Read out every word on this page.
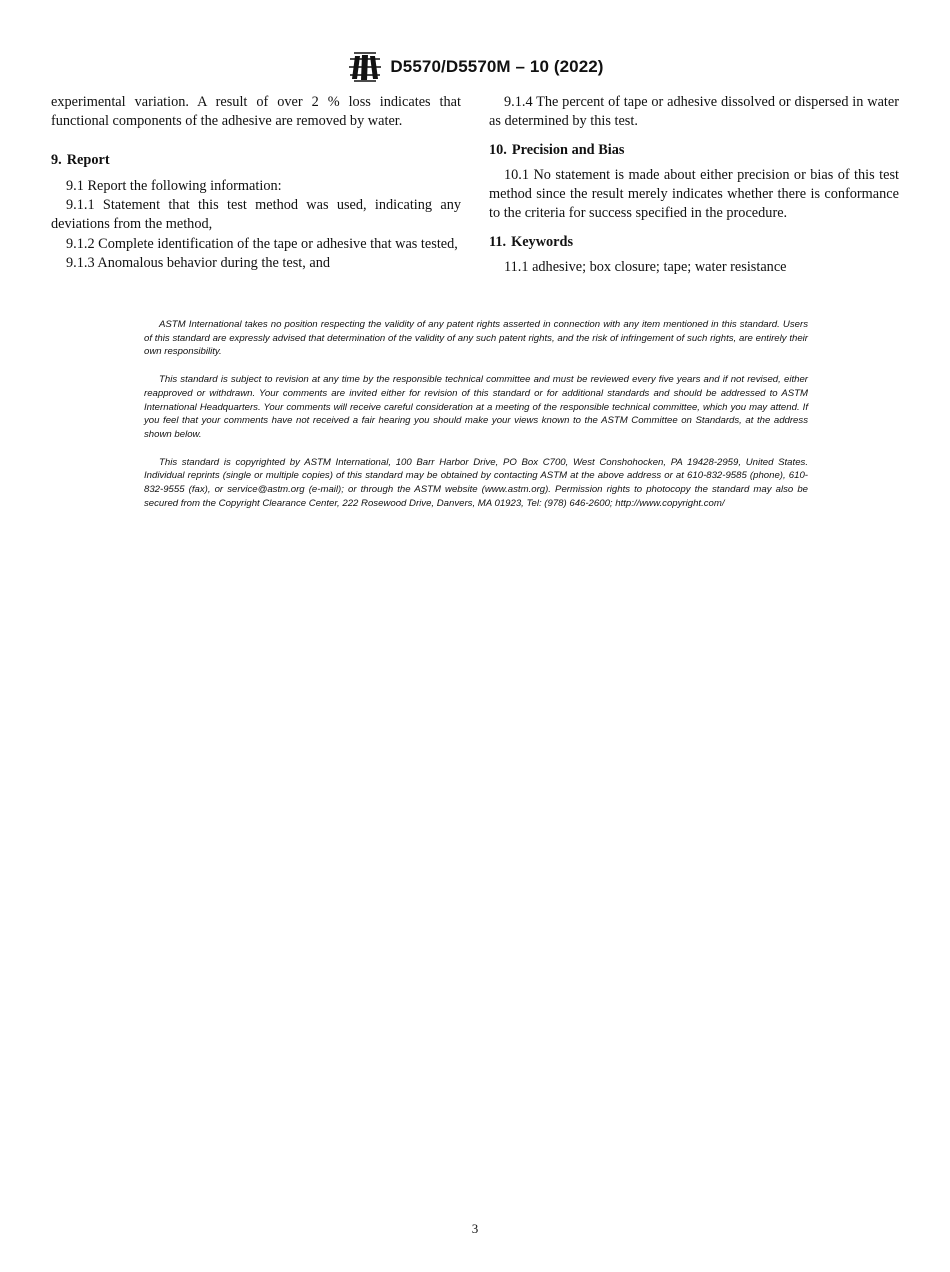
D5570/D5570M – 10 (2022)

experimental variation. A result of over 2 % loss indicates that functional components of the adhesive are removed by water.

9. Report

9.1 Report the following information:

9.1.1 Statement that this test method was used, indicating any deviations from the method,

9.1.2 Complete identification of the tape or adhesive that was tested,

9.1.3 Anomalous behavior during the test, and

9.1.4 The percent of tape or adhesive dissolved or dispersed in water as determined by this test.

10. Precision and Bias

10.1 No statement is made about either precision or bias of this test method since the result merely indicates whether there is conformance to the criteria for success specified in the procedure.

11. Keywords

11.1 adhesive; box closure; tape; water resistance

ASTM International takes no position respecting the validity of any patent rights asserted in connection with any item mentioned in this standard. Users of this standard are expressly advised that determination of the validity of any such patent rights, and the risk of infringement of such rights, are entirely their own responsibility.

This standard is subject to revision at any time by the responsible technical committee and must be reviewed every five years and if not revised, either reapproved or withdrawn. Your comments are invited either for revision of this standard or for additional standards and should be addressed to ASTM International Headquarters. Your comments will receive careful consideration at a meeting of the responsible technical committee, which you may attend. If you feel that your comments have not received a fair hearing you should make your views known to the ASTM Committee on Standards, at the address shown below.

This standard is copyrighted by ASTM International, 100 Barr Harbor Drive, PO Box C700, West Conshohocken, PA 19428-2959, United States. Individual reprints (single or multiple copies) of this standard may be obtained by contacting ASTM at the above address or at 610-832-9585 (phone), 610-832-9555 (fax), or service@astm.org (e-mail); or through the ASTM website (www.astm.org). Permission rights to photocopy the standard may also be secured from the Copyright Clearance Center, 222 Rosewood Drive, Danvers, MA 01923, Tel: (978) 646-2600; http://www.copyright.com/

3
